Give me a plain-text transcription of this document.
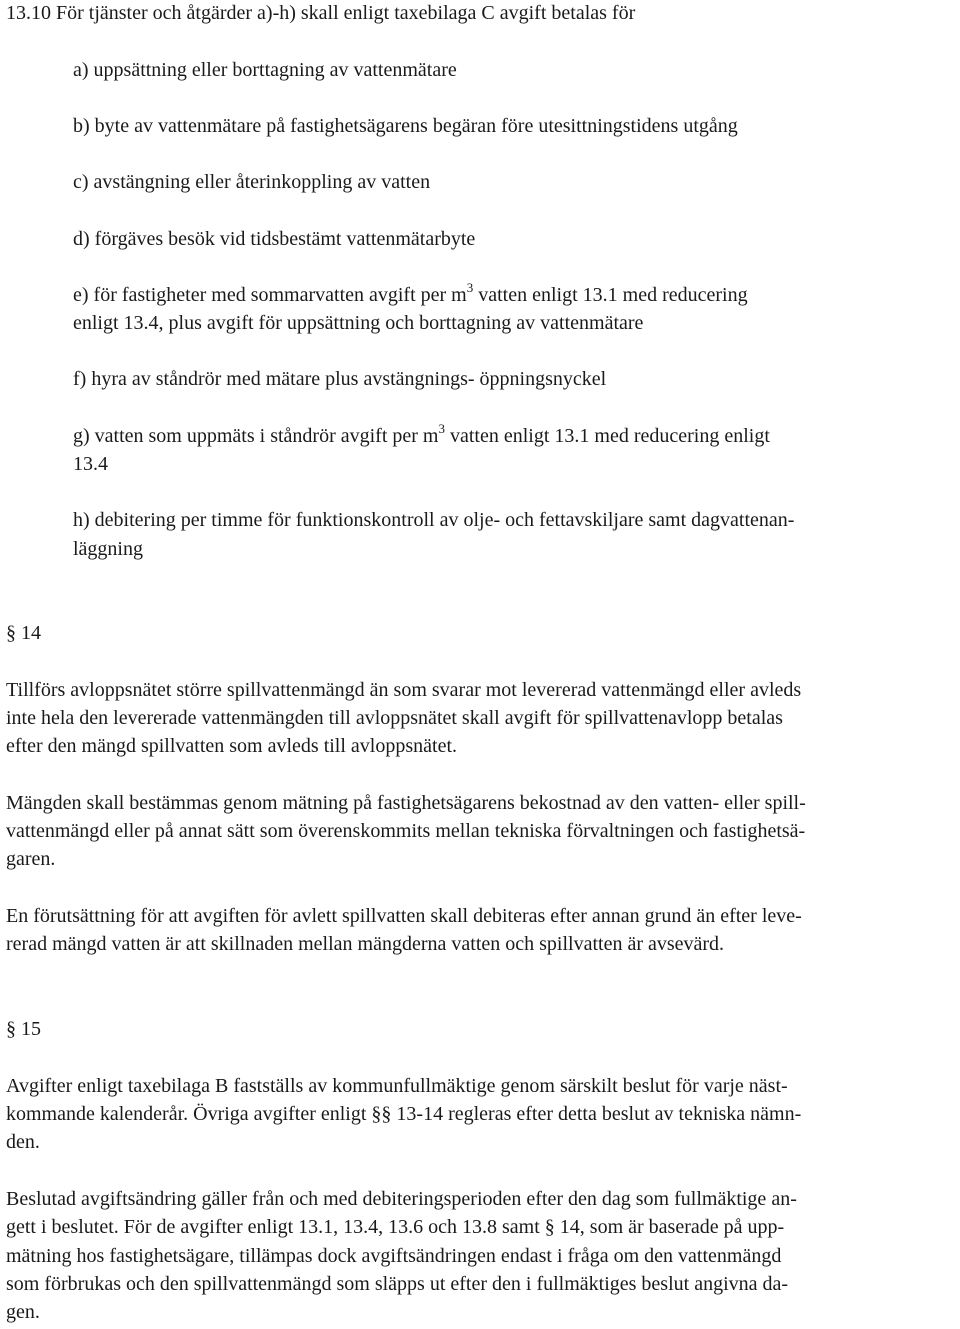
13.10 För tjänster och åtgärder a)-h) skall enligt taxebilaga C avgift betalas för

a) uppsättning eller borttagning av vattenmätare

b) byte av vattenmätare på fastighetsägarens begäran före utesittningstidens utgång

c) avstängning eller återinkoppling av vatten

d) förgäves besök vid tidsbestämt vattenmätarbyte

e) för fastigheter med sommarvatten avgift per $m^3$ vatten enligt 13.1 med reducering

enligt 13.4, plus avgift för uppsättning och borttagning av vattenmätare

f) hyra av ståndrör med mätare plus avstängnings- öppningsnyckel

g) vatten som uppmäts i ståndrör avgift per $m^3$ vatten enligt 13.1 med reducering enligt

13.4

h) debitering per timme för funktionskontroll av olje- och fettavskiljare samt dagvattenan-

läggning

§ 14

Tillförs avloppsnätet större spillvattenmängd än som svarar mot levererad vattenmängd eller avleds

inte hela den levererade vattenmängden till avloppsnätet skall avgift för spillvattenavlopp betalas

efter den mängd spillvatten som avleds till avloppsnätet.

Mängden skall bestämmas genom mätning på fastighetsägarens bekostnad av den vatten- eller spill-

vattenmängd eller på annat sätt som överenskommits mellan tekniska förvaltningen och fastighetsä-

garen.

En förutsättning för att avgiften för avlett spillvatten skall debiteras efter annan grund än efter leve-

rerad mängd vatten är att skillnaden mellan mängderna vatten och spillvatten är avsevärd.

§ 15

Avgifter enligt taxebilaga B fastställs av kommunfullmäktige genom särskilt beslut för varje näst-

kommande kalenderår. Övriga avgifter enligt §§ 13-14 regleras efter detta beslut av tekniska nämn-

den.

Beslutad avgiftsändring gäller från och med debiteringsperioden efter den dag som fullmäktige an-

gett i beslutet. För de avgifter enligt 13.1, 13.4, 13.6 och 13.8 samt § 14, som är baserade på upp-

mätning hos fastighetsägare, tillämpas dock avgiftsändringen endast i fråga om den vattenmängd

som förbrukas och den spillvattenmängd som släpps ut efter den i fullmäktiges beslut angivna da-

gen.
